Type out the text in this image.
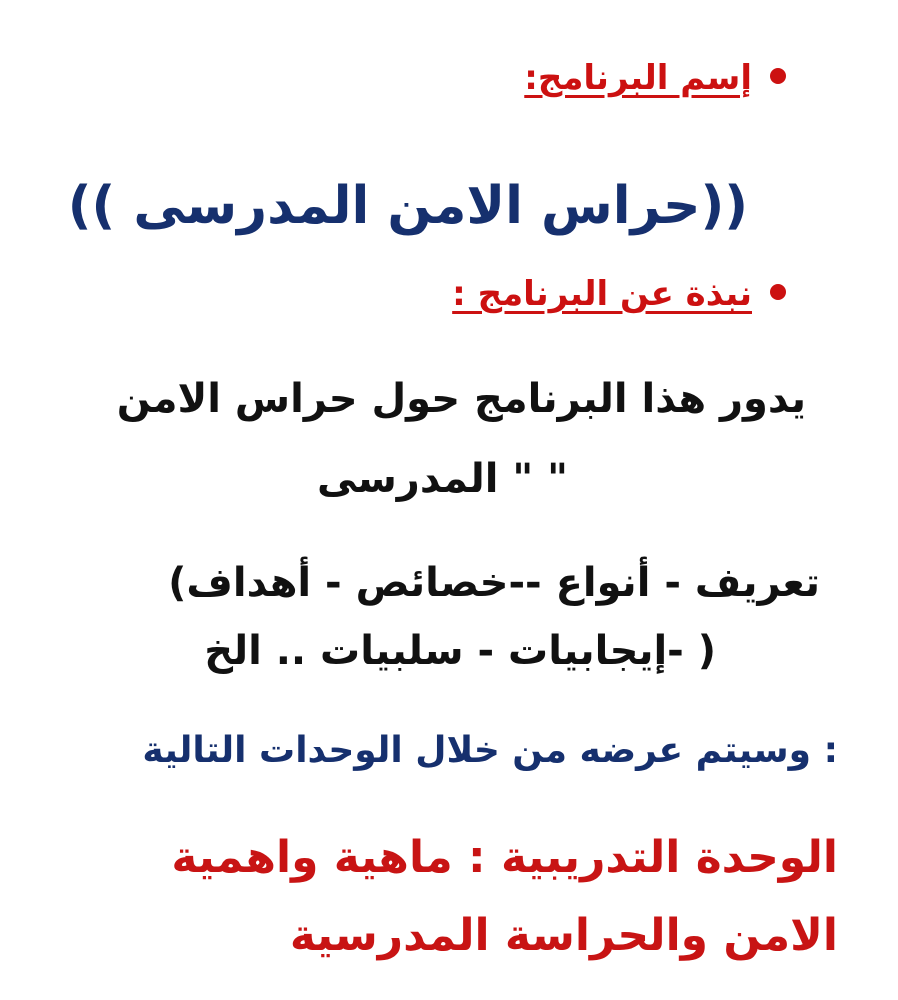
إسم البرنامج:
((حراس الامن المدرسى ))
نبذة عن البرنامج :
يدور هذا البرنامج حول حراس الامن
" " المدرسى
تعريف - أنواع --خصائص - أهداف)
( -إيجابيات - سلبيات .. الخ
: وسيتم عرضه من خلال الوحدات التالية
الوحدة التدريبية : ماهية واهمية
الامن والحراسة المدرسية
